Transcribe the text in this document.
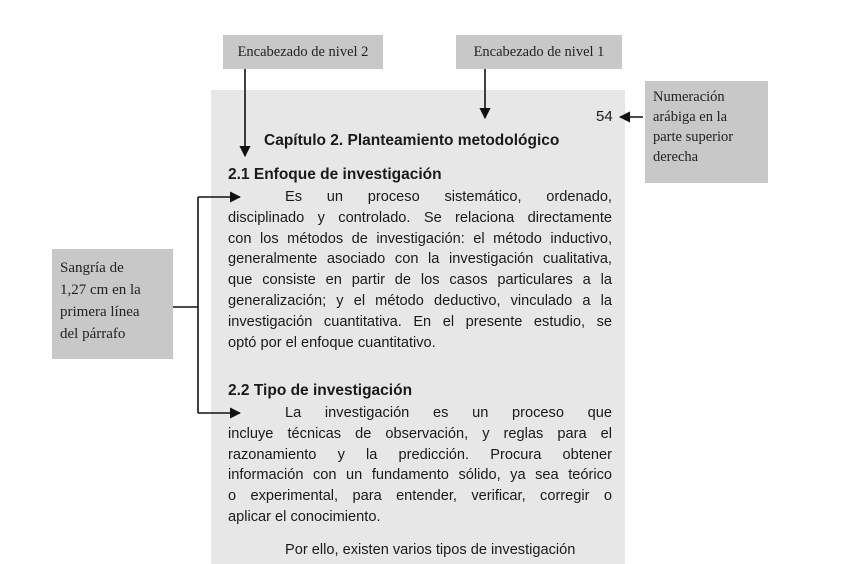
Encabezado de nivel 2	Encabezado de nivel 1
Numeración
arábiga en la
parte superior
derecha
Sangría de
1,27 cm en la
primera línea
del párrafo
54
Capítulo 2. Planteamiento metodológico
2.1 Enfoque de investigación
Es un proceso sistemático, ordenado,
disciplinado y controlado. Se relaciona directamente
con los métodos de investigación: el método inductivo,
generalmente asociado con la investigación cualitativa,
que consiste en partir de los casos particulares a la
generalización; y el método deductivo, vinculado a la
investigación cuantitativa. En el presente estudio, se
optó por el enfoque cuantitativo.
2.2 Tipo de investigación
La investigación es un proceso que
incluye técnicas de observación, y reglas para el
razonamiento y la predicción. Procura obtener
información con un fundamento sólido, ya sea teórico
o experimental, para entender, verificar, corregir o
aplicar el conocimiento.
Por ello, existen varios tipos de investigación
